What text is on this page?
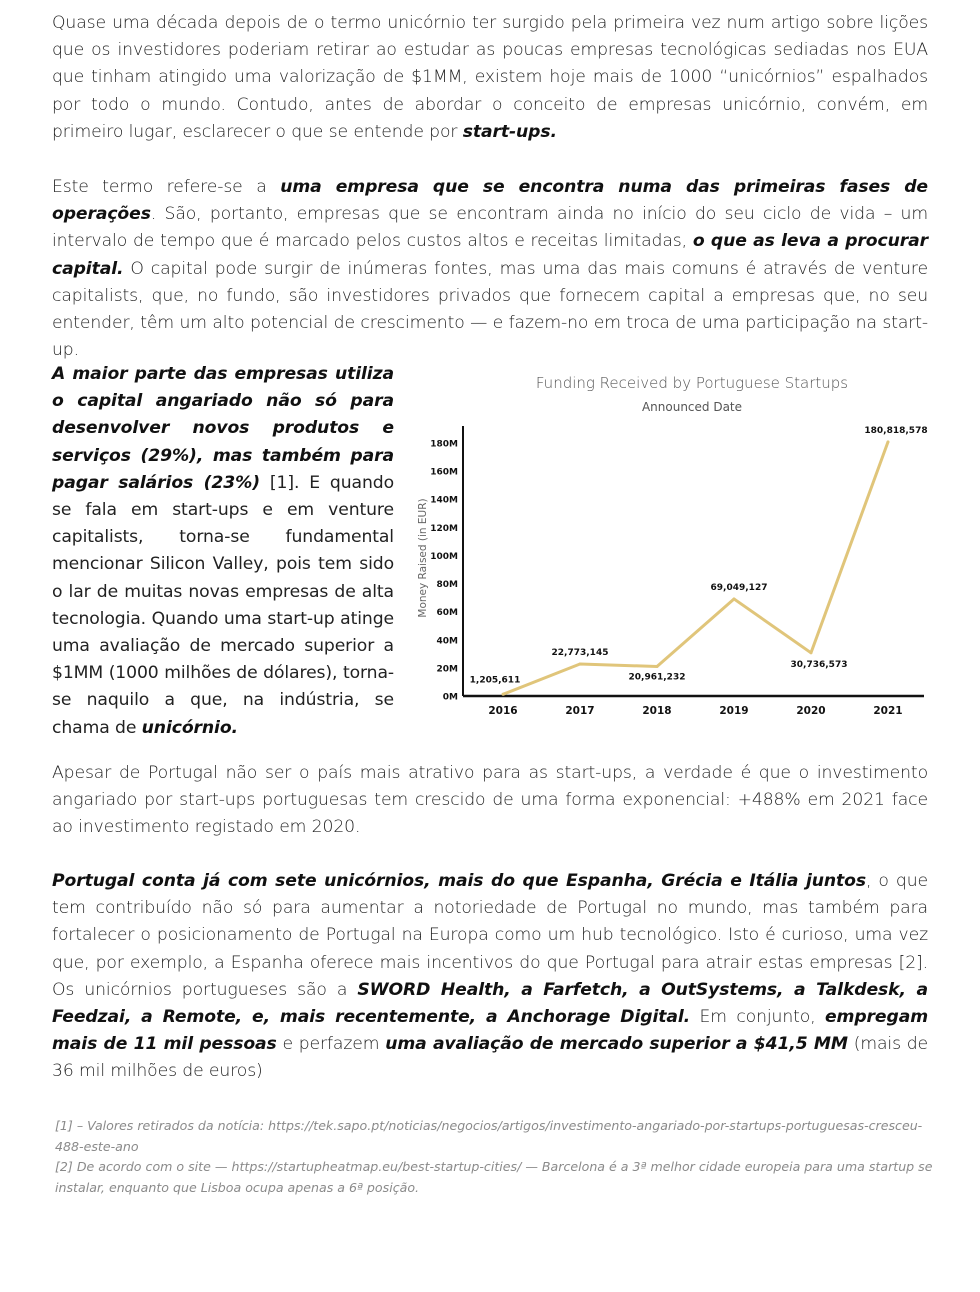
Quase uma década depois de o termo unicórnio ter surgido pela primeira vez num artigo sobre lições que os investidores poderiam retirar ao estudar as poucas empresas tecnológicas sediadas nos EUA que tinham atingido uma valorização de $1MM, existem hoje mais de 1000 “unicórnios” espalhados por todo o mundo. Contudo, antes de abordar o conceito de empresas unicórnio, convém, em primeiro lugar, esclarecer o que se entende por start-ups.
Este termo refere-se a uma empresa que se encontra numa das primeiras fases de operações. São, portanto, empresas que se encontram ainda no início do seu ciclo de vida – um intervalo de tempo que é marcado pelos custos altos e receitas limitadas, o que as leva a procurar capital. O capital pode surgir de inúmeras fontes, mas uma das mais comuns é através de venture capitalists, que, no fundo, são investidores privados que fornecem capital a empresas que, no seu entender, têm um alto potencial de crescimento — e fazem-no em troca de uma participação na start-up.
A maior parte das empresas utiliza o capital angariado não só para desenvolver novos produtos e serviços (29%), mas também para pagar salários (23%) [1]. E quando se fala em start-ups e em venture capitalists, torna-se fundamental mencionar Silicon Valley, pois tem sido o lar de muitas novas empresas de alta tecnologia. Quando uma start-up atinge uma avaliação de mercado superior a $1MM (1000 milhões de dólares), torna-se naquilo a que, na indústria, se chama de unicórnio.
Funding Received by Portuguese Startups
Announced Date
Money Raised (in EUR)
0M
20M
40M
60M
80M
100M
120M
140M
160M
180M
2016	2017	2018	2019	2020	2021
1,205,611
22,773,145
20,961,232
69,049,127
30,736,573
180,818,578
Apesar de Portugal não ser o país mais atrativo para as start-ups, a verdade é que o investimento angariado por start-ups portuguesas tem crescido de uma forma exponencial: +488% em 2021 face ao investimento registado em 2020.
Portugal conta já com sete unicórnios, mais do que Espanha, Grécia e Itália juntos, o que tem contribuído não só para aumentar a notoriedade de Portugal no mundo, mas também para fortalecer o posicionamento de Portugal na Europa como um hub tecnológico. Isto é curioso, uma vez que, por exemplo, a Espanha oferece mais incentivos do que Portugal para atrair estas empresas [2]. Os unicórnios portugueses são a SWORD Health, a Farfetch, a OutSystems, a Talkdesk, a Feedzai, a Remote, e, mais recentemente, a Anchorage Digital. Em conjunto, empregam mais de 11 mil pessoas e perfazem uma avaliação de mercado superior a $41,5 MM (mais de 36 mil milhões de euros)
[1] – Valores retirados da notícia: https://tek.sapo.pt/noticias/negocios/artigos/investimento-angariado-por-startups-portuguesas-cresceu-488-este-ano
[2] De acordo com o site — https://startupheatmap.eu/best-startup-cities/ — Barcelona é a 3ª melhor cidade europeia para uma startup se instalar, enquanto que Lisboa ocupa apenas a 6ª posição.
